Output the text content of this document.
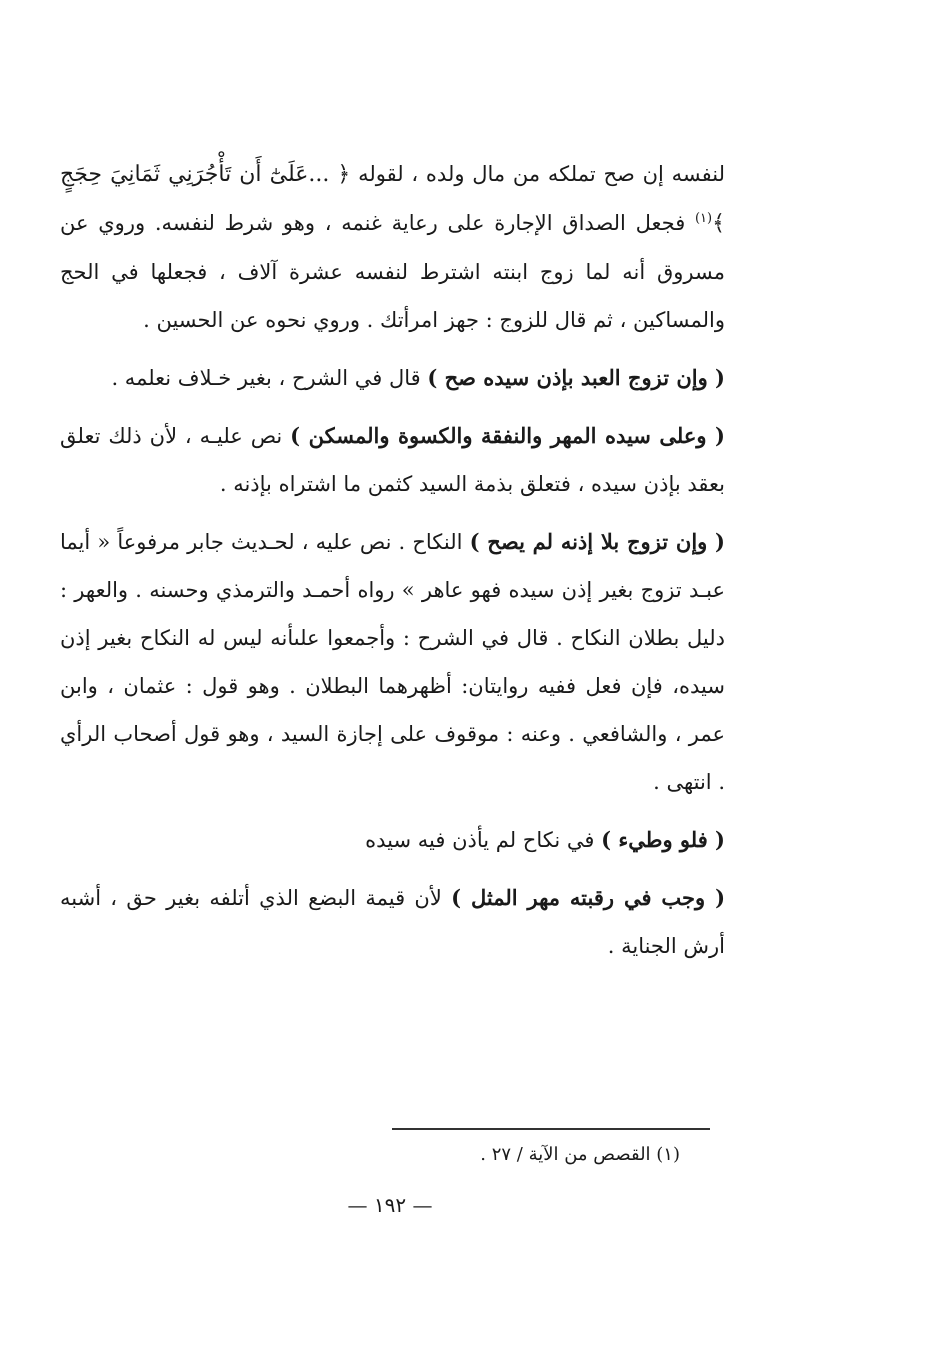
لنفسه إن صح تملكه من مال ولده ، لقوله ﴿ ...عَلَىٰٓ أَن تَأْجُرَنِي ثَمَانِيَ حِجَجٍ ﴾$^{(١)}$ فجعل الصداق الإجارة على رعاية غنمه ، وهو شرط لنفسه. وروي عن مسروق أنه لما زوج ابنته اشترط لنفسه عشرة آلاف ، فجعلها في الحج والمساكين ، ثم قال للزوج : جهز امرأتك . وروي نحوه عن الحسين .

( وإن تزوج العبد بإذن سيده صح ) قال في الشرح ، بغير خـلاف نعلمه .

( وعلى سيده المهر والنفقة والكسوة والمسكن ) نص عليـه ، لأن ذلك تعلق بعقد بإذن سيده ، فتعلق بذمة السيد كثمن ما اشتراه بإذنه .

( وإن تزوج بلا إذنه لم يصح ) النكاح . نص عليه ، لحـديث جابر مرفوعاً « أيما عبـد تزوج بغير إذن سيده فهو عاهر » رواه أحمـد والترمذي وحسنه . والعهر : دليل بطلان النكاح . قال في الشرح : وأجمعوا علىأنه ليس له النكاح بغير إذن سيده، فإن فعل ففيه روايتان: أظهرهما البطلان . وهو قول : عثمان ، وابن عمر ، والشافعي . وعنه : موقوف على إجازة السيد ، وهو قول أصحاب الرأي . انتهى .

( فلو وطيء ) في نكاح لم يأذن فيه سيده

( وجب في رقبته مهر المثل ) لأن قيمة البضع الذي أتلفه بغير حق ، أشبه أرش الجناية .

(١) القصص من الآية / ٢٧ .
— ١٩٢ —
